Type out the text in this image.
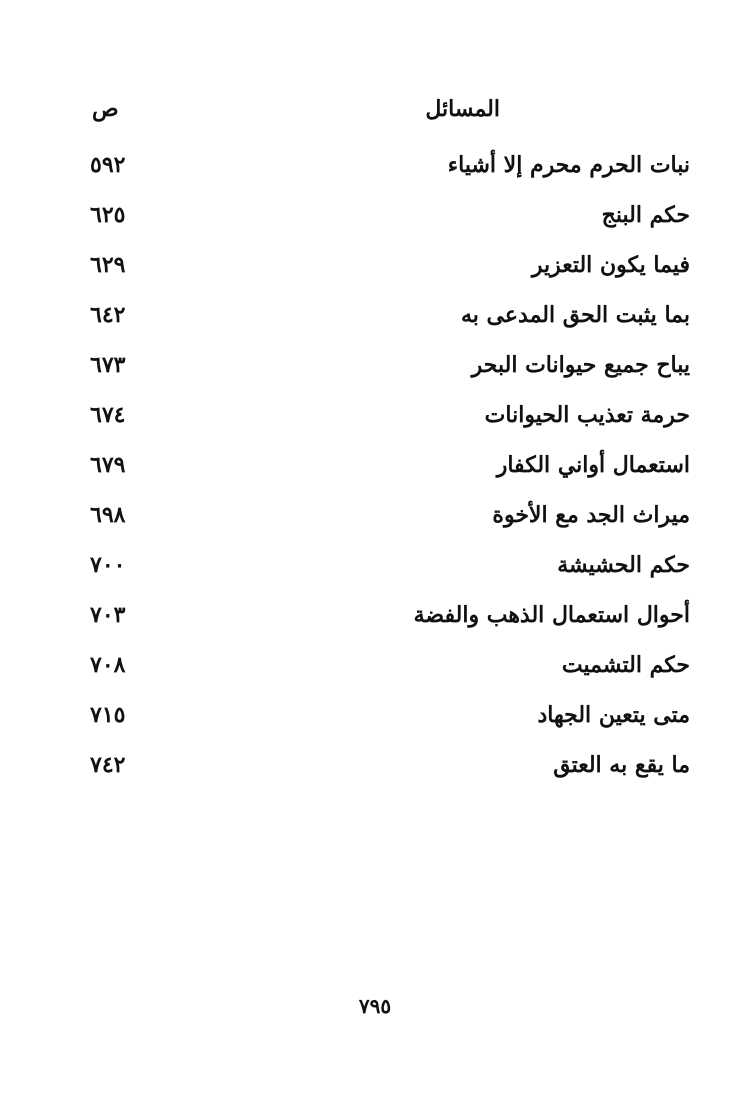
المسائل
ص
نبات الحرم محرم إلا أشياء
٥٩٢
حكم البنج
٦٢٥
فيما يكون التعزير
٦٢٩
بما يثبت الحق المدعى به
٦٤٢
يباح جميع حيوانات البحر
٦٧٣
حرمة تعذيب الحيوانات
٦٧٤
استعمال أواني الكفار
٦٧٩
ميراث الجد مع الأخوة
٦٩٨
حكم الحشيشة
٧٠٠
أحوال استعمال الذهب والفضة
٧٠٣
حكم التشميت
٧٠٨
متى يتعين الجهاد
٧١٥
ما يقع به العتق
٧٤٢
٧٩٥
